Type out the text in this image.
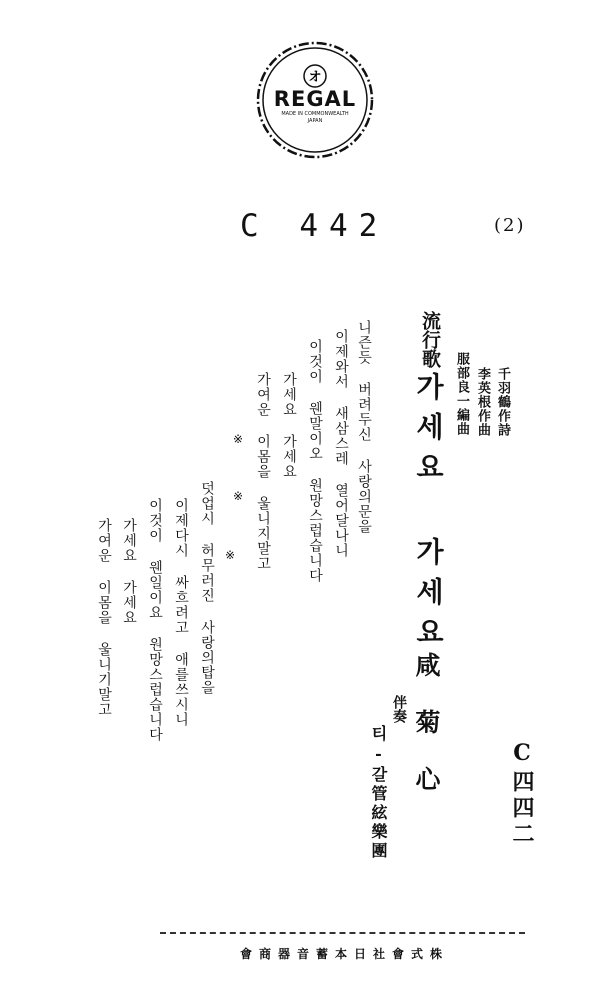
オ
REGAL
MADE IN COMMONWEALTH
JAPAN
C 442	(2)
千羽鶴作詩
李英根作曲
服部良一編曲
流行歌
가세요 가세요
니즌듯 버려두신 사랑의문을
이제와서 새삼스레 열어달나니
이것이 웬말이오 원망스럽습니다
가세요 가세요
가여운 이몸을 울니지말고
※
※
※
덧업시 허무러진 사랑의탑을
이제다시 싸흐려고 애를쓰시니
이것이 웬일이요 원망스럽습니다
가세요 가세요
가여운 이몸을 울니기말고	伴奏
티-갈管絃樂團 咸菊心	C四四二
株式會社日本蓄音器商會
